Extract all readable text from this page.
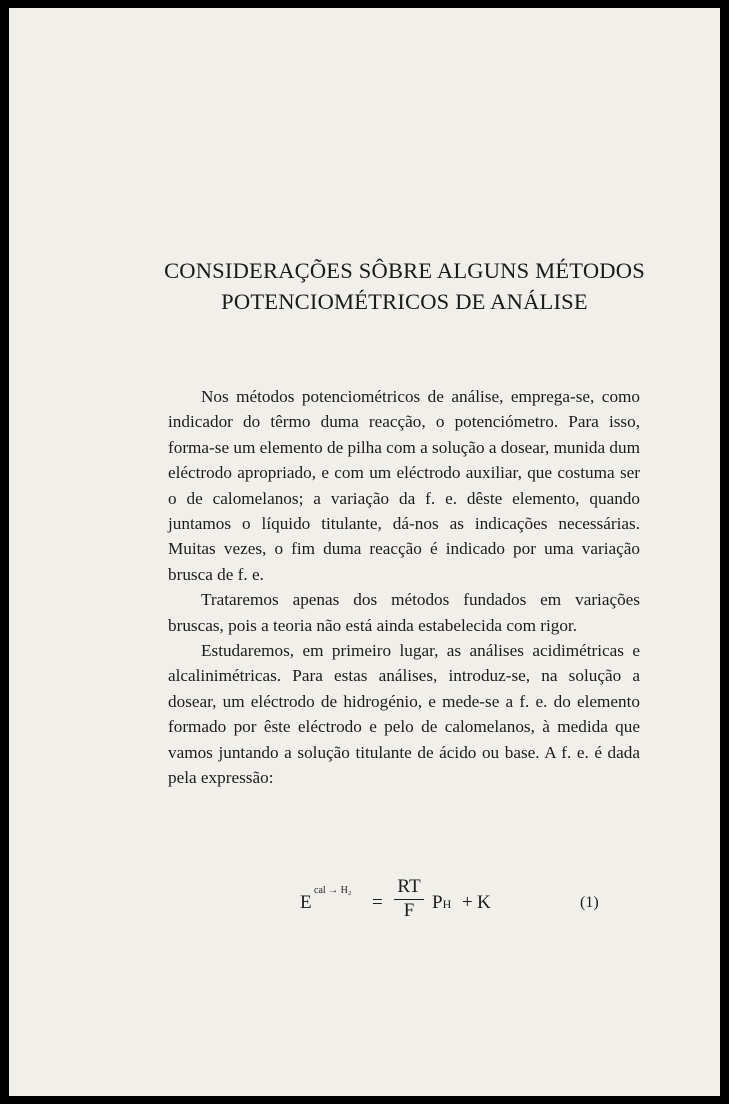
CONSIDERAÇÕES SÔBRE ALGUNS MÉTODOS
POTENCIOMÉTRICOS DE ANÁLISE

Nos métodos potenciométricos de análise, emprega-se, como indicador do têrmo duma reacção, o potenciómetro. Para isso, forma-se um elemento de pilha com a solução a dosear, munida dum eléctrodo apropriado, e com um eléctrodo auxiliar, que costuma ser o de calomelanos; a variação da f. e. dêste elemento, quando juntamos o líquido titulante, dá-nos as indicações necessárias. Muitas vezes, o fim duma reacção é indicado por uma variação brusca de f. e.

Trataremos apenas dos métodos fundados em variações bruscas, pois a teoria não está ainda estabelecida com rigor.

Estudaremos, em primeiro lugar, as análises acidimétricas e alcalinimétricas. Para estas análises, introduz-se, na solução a dosear, um eléctrodo de hidrogénio, e mede-se a f. e. do elemento formado por êste eléctrodo e pelo de calomelanos, à medida que vamos juntando a solução titulante de ácido ou base. A f. e. é dada pela expressão:

E
cal → H₂
=
RT
F PH + K	(1)
